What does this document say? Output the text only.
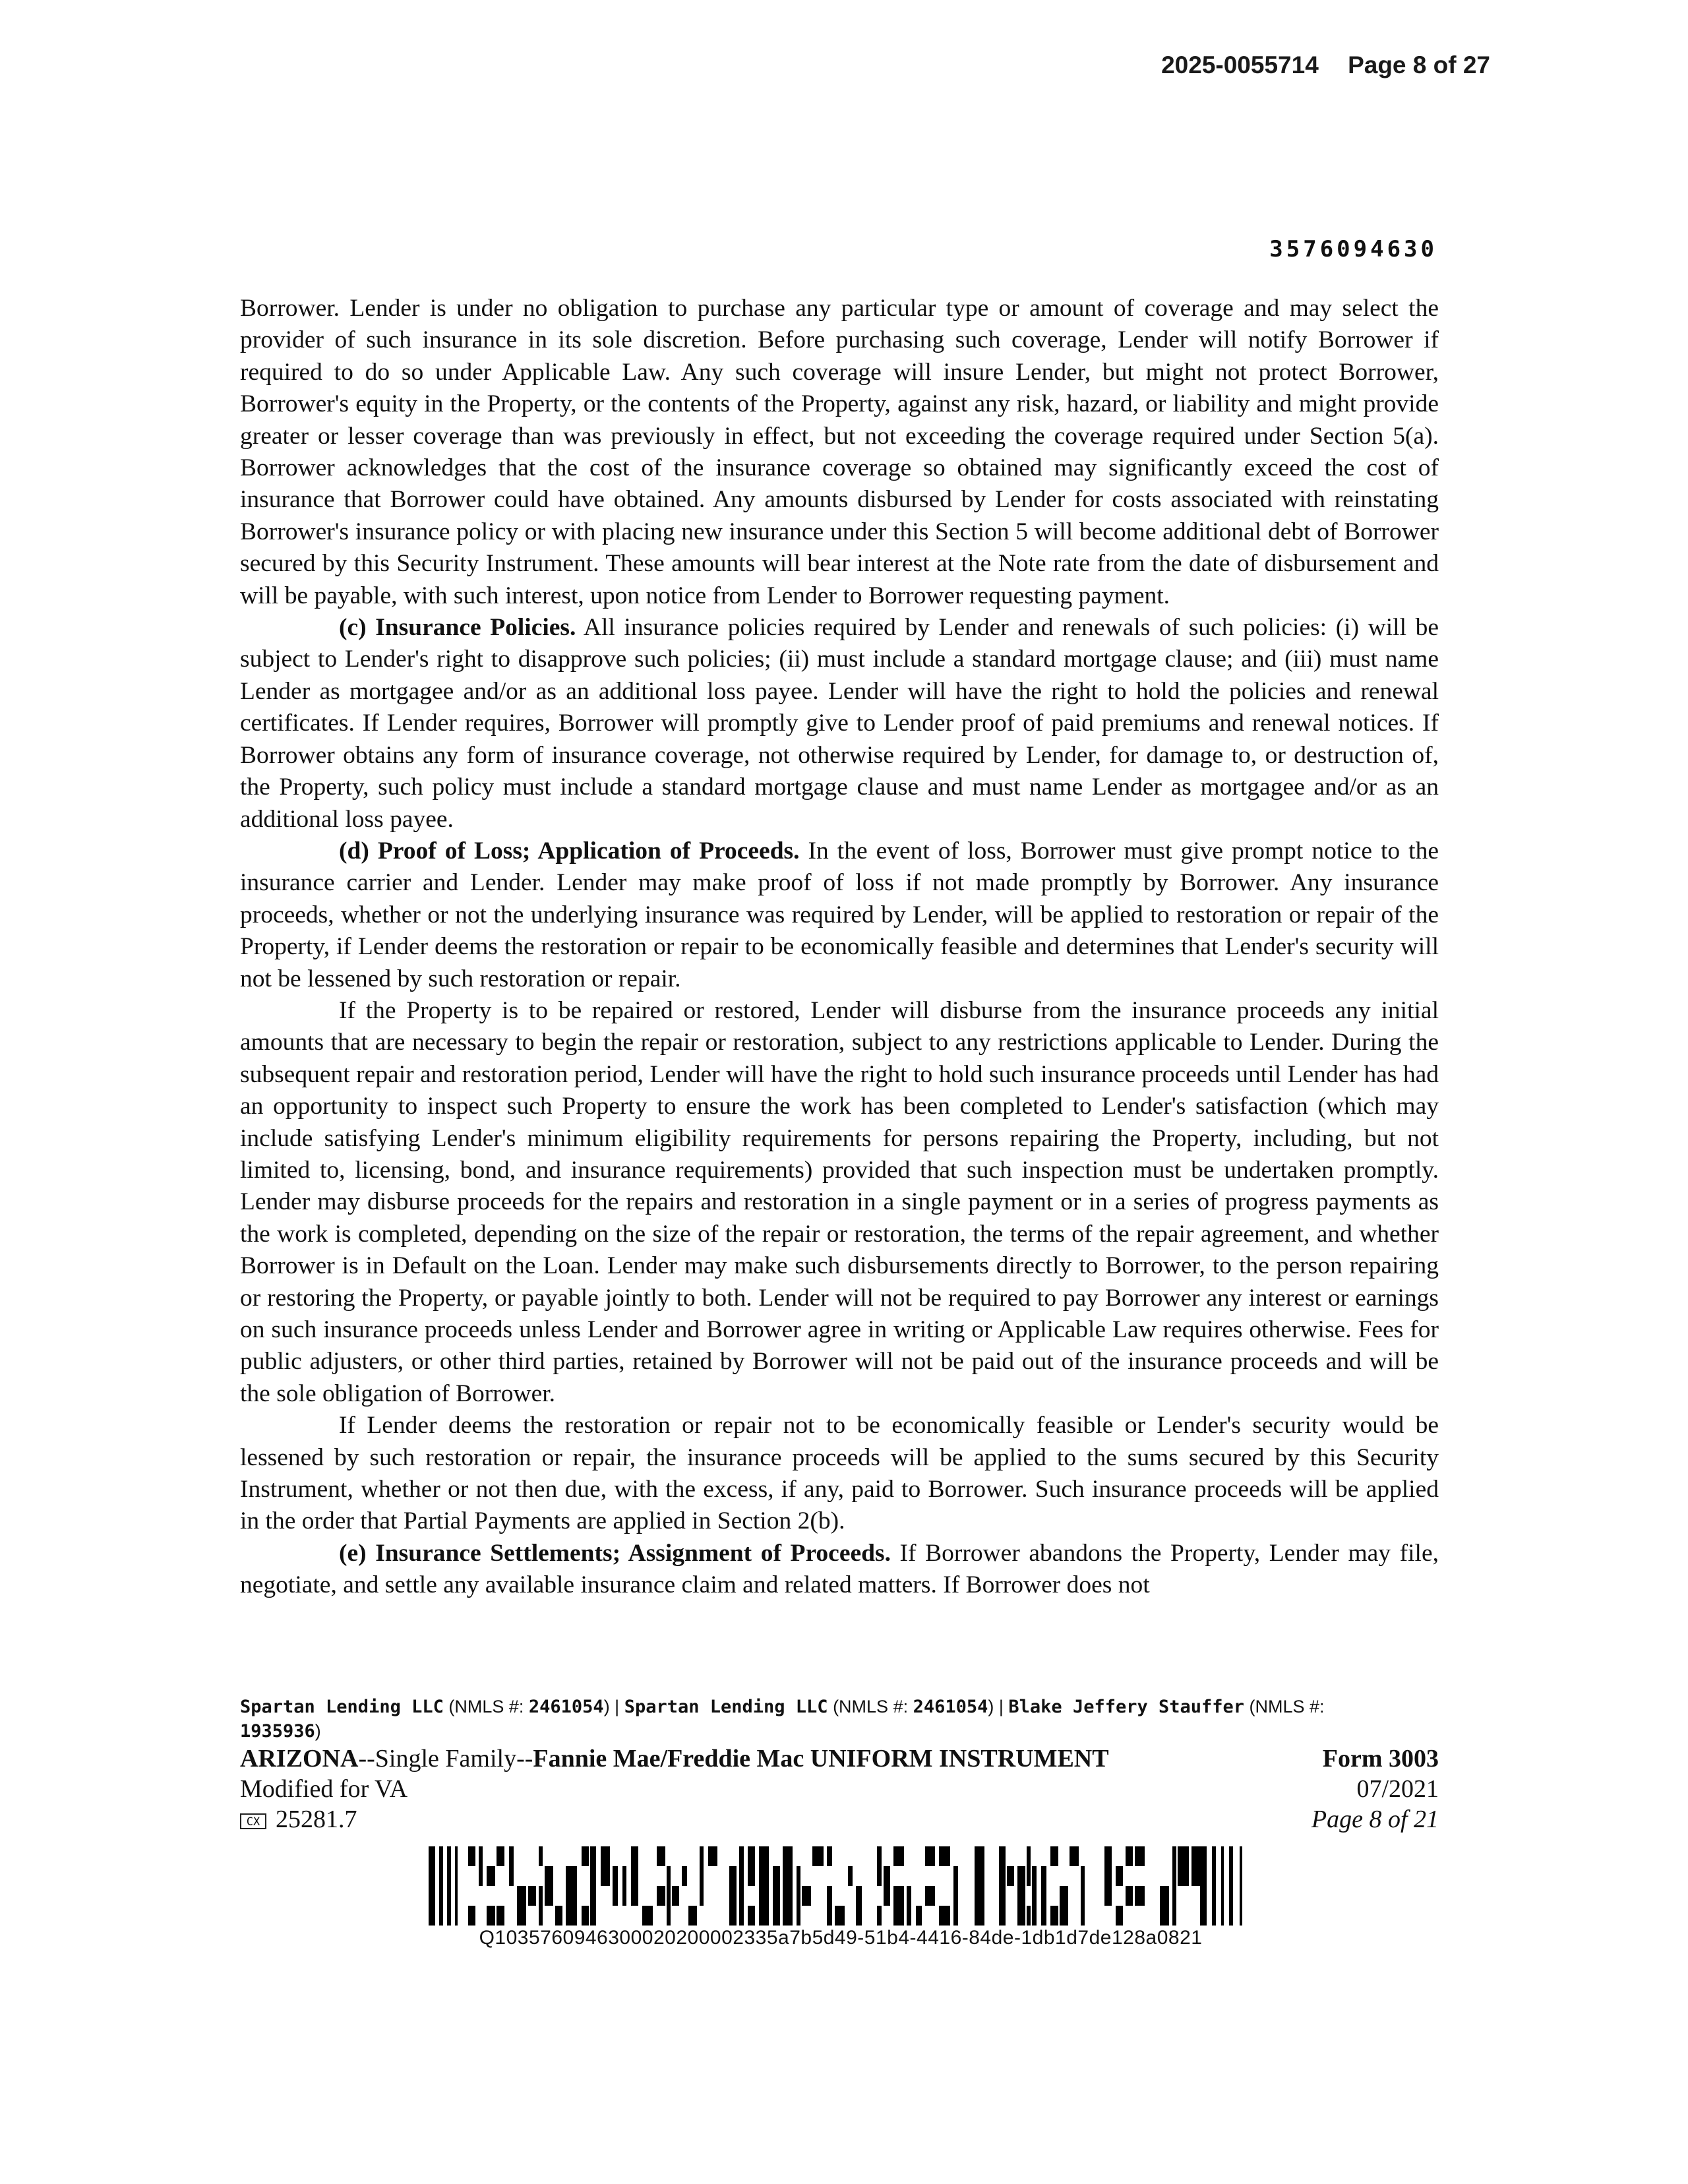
2025-0055714 Page 8 of 27
3576094630

Borrower. Lender is under no obligation to purchase any particular type or amount of coverage and may select the provider of such insurance in its sole discretion. Before purchasing such coverage, Lender will notify Borrower if required to do so under Applicable Law. Any such coverage will insure Lender, but might not protect Borrower, Borrower's equity in the Property, or the contents of the Property, against any risk, hazard, or liability and might provide greater or lesser coverage than was previously in effect, but not exceeding the coverage required under Section 5(a). Borrower acknowledges that the cost of the insurance coverage so obtained may significantly exceed the cost of insurance that Borrower could have obtained. Any amounts disbursed by Lender for costs associated with reinstating Borrower's insurance policy or with placing new insurance under this Section 5 will become additional debt of Borrower secured by this Security Instrument. These amounts will bear interest at the Note rate from the date of disbursement and will be payable, with such interest, upon notice from Lender to Borrower requesting payment.

(c) Insurance Policies. All insurance policies required by Lender and renewals of such policies: (i) will be subject to Lender's right to disapprove such policies; (ii) must include a standard mortgage clause; and (iii) must name Lender as mortgagee and/or as an additional loss payee. Lender will have the right to hold the policies and renewal certificates. If Lender requires, Borrower will promptly give to Lender proof of paid premiums and renewal notices. If Borrower obtains any form of insurance coverage, not otherwise required by Lender, for damage to, or destruction of, the Property, such policy must include a standard mortgage clause and must name Lender as mortgagee and/or as an additional loss payee.

(d) Proof of Loss; Application of Proceeds. In the event of loss, Borrower must give prompt notice to the insurance carrier and Lender. Lender may make proof of loss if not made promptly by Borrower. Any insurance proceeds, whether or not the underlying insurance was required by Lender, will be applied to restoration or repair of the Property, if Lender deems the restoration or repair to be economically feasible and determines that Lender's security will not be lessened by such restoration or repair.

If the Property is to be repaired or restored, Lender will disburse from the insurance proceeds any initial amounts that are necessary to begin the repair or restoration, subject to any restrictions applicable to Lender. During the subsequent repair and restoration period, Lender will have the right to hold such insurance proceeds until Lender has had an opportunity to inspect such Property to ensure the work has been completed to Lender's satisfaction (which may include satisfying Lender's minimum eligibility requirements for persons repairing the Property, including, but not limited to, licensing, bond, and insurance requirements) provided that such inspection must be undertaken promptly. Lender may disburse proceeds for the repairs and restoration in a single payment or in a series of progress payments as the work is completed, depending on the size of the repair or restoration, the terms of the repair agreement, and whether Borrower is in Default on the Loan. Lender may make such disbursements directly to Borrower, to the person repairing or restoring the Property, or payable jointly to both. Lender will not be required to pay Borrower any interest or earnings on such insurance proceeds unless Lender and Borrower agree in writing or Applicable Law requires otherwise. Fees for public adjusters, or other third parties, retained by Borrower will not be paid out of the insurance proceeds and will be the sole obligation of Borrower.

If Lender deems the restoration or repair not to be economically feasible or Lender's security would be lessened by such restoration or repair, the insurance proceeds will be applied to the sums secured by this Security Instrument, whether or not then due, with the excess, if any, paid to Borrower. Such insurance proceeds will be applied in the order that Partial Payments are applied in Section 2(b).

(e) Insurance Settlements; Assignment of Proceeds. If Borrower abandons the Property, Lender may file, negotiate, and settle any available insurance claim and related matters. If Borrower does not

Spartan Lending LLC (NMLS #: 2461054) | Spartan Lending LLC (NMLS #: 2461054) | Blake Jeffery Stauffer (NMLS #: 1935936)
ARIZONA--Single Family--Fannie Mae/Freddie Mac UNIFORM INSTRUMENT	Form 3003
Modified for VA	07/2021
CX 25281.7	Page 8 of 21
Q1035760946300020200002335a7b5d49-51b4-4416-84de-1db1d7de128a0821
